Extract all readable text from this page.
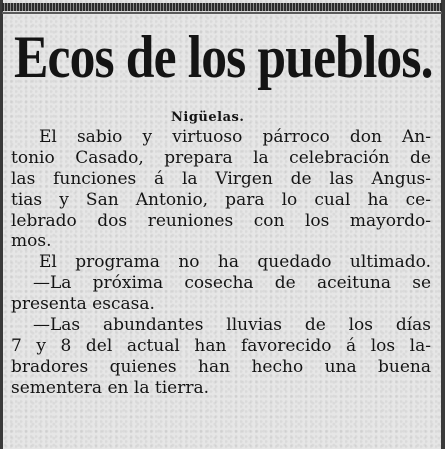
Ecos de los pueblos.
Nigüelas.
El sabio y virtuoso párroco don An-
tonio Casado, prepara la celebración de
las funciones á la Virgen de las Angus-
tias y San Antonio, para lo cual ha ce-
lebrado dos reuniones con los mayordo-
mos.
El programa no ha quedado ultimado.
—La próxima cosecha de aceituna se
presenta escasa.
—Las abundantes lluvias de los días
7 y 8 del actual han favorecido á los la-
bradores quienes han hecho una buena
sementera en la tierra.
